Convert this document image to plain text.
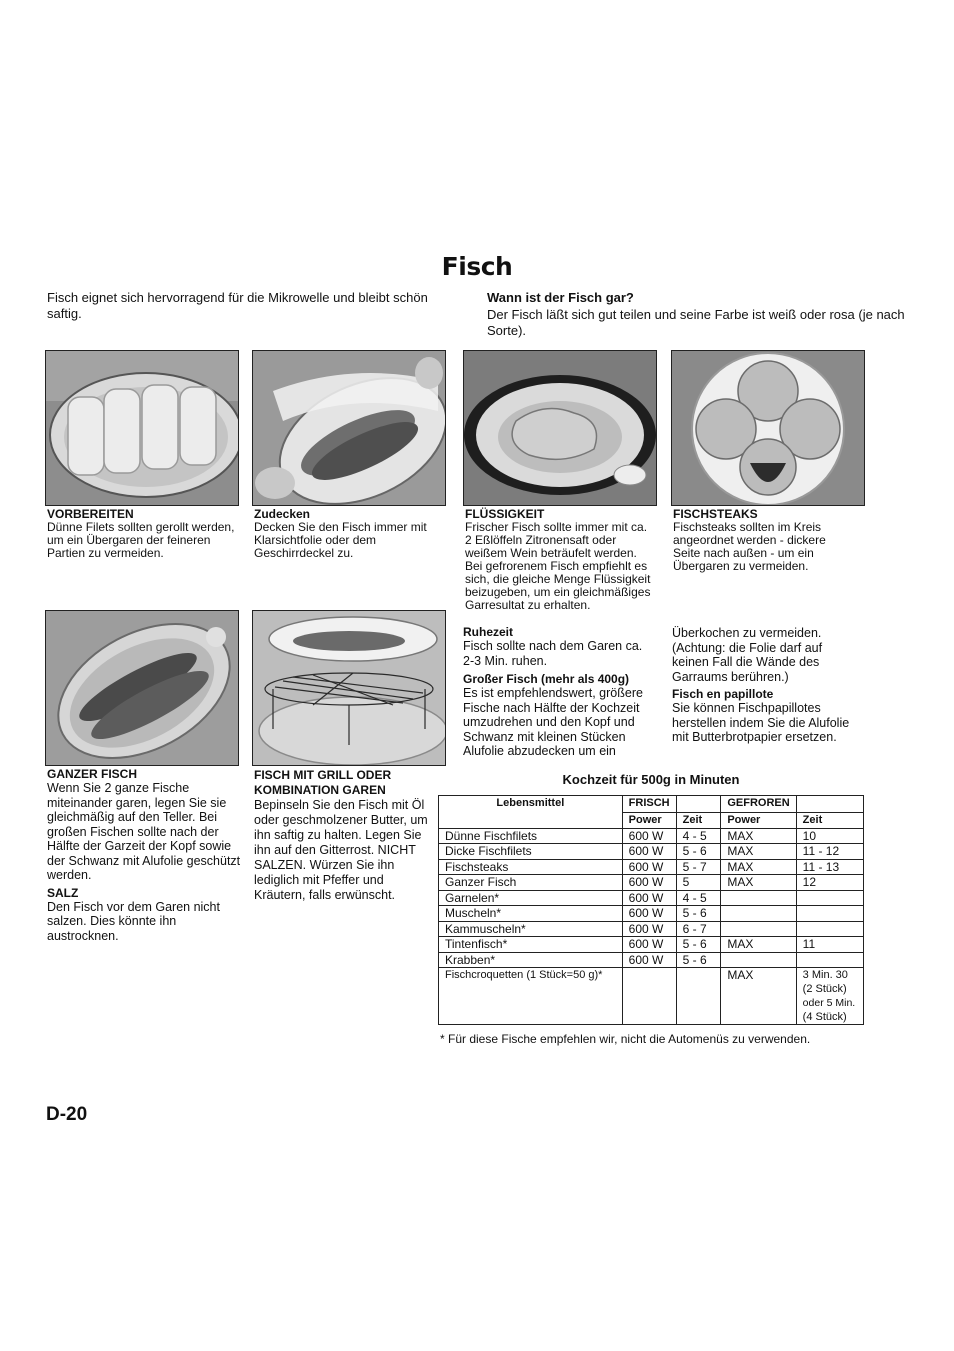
Fisch
Fisch eignet sich hervorragend für die Mikrowelle und bleibt schön saftig.
Wann ist der Fisch gar?
Der Fisch läßt sich gut teilen und seine Farbe ist weiß oder rosa (je nach Sorte).
VORBEREITEN
Dünne Filets sollten gerollt werden, um ein Übergaren der feineren Partien zu vermeiden.
Zudecken
Decken Sie den Fisch immer mit Klarsichtfolie oder dem Geschirrdeckel zu.
FLÜSSIGKEIT
Frischer Fisch sollte immer mit ca. 2 Eßlöffeln Zitronensaft oder weißem Wein beträufelt werden. Bei gefrorenem Fisch empfiehlt es sich, die gleiche Menge Flüssigkeit beizugeben, um ein gleichmäßiges Garresultat zu erhalten.
FISCHSTEAKS
Fischsteaks sollten im Kreis angeordnet werden - dickere Seite nach außen - um ein Übergaren zu vermeiden.
GANZER FISCH
Wenn Sie 2 ganze Fische miteinander garen, legen Sie sie gleichmäßig auf den Teller. Bei großen Fischen sollte nach der Hälfte der Garzeit der Kopf sowie der Schwanz mit Alufolie geschützt werden.
SALZ
Den Fisch vor dem Garen nicht salzen. Dies könnte ihn austrocknen.
FISCH MIT GRILL ODER KOMBINATION GAREN
Bepinseln Sie den Fisch mit Öl oder geschmolzener Butter, um ihn saftig zu halten. Legen Sie ihn auf den Gitterrost. NICHT SALZEN. Würzen Sie ihn lediglich mit Pfeffer und Kräutern, falls erwünscht.
Ruhezeit
Fisch sollte nach dem Garen ca. 2-3 Min. ruhen.
Großer Fisch (mehr als 400g)
Es ist empfehlendswert, größere Fische nach Hälfte der Kochzeit umzudrehen und den Kopf und Schwanz mit kleinen Stücken Alufolie abzudecken um ein
Überkochen zu vermeiden. (Achtung: die Folie darf auf keinen Fall die Wände des Garraums berühren.)
Fisch en papillote
Sie können Fischpapillotes herstellen indem Sie die Alufolie mit Butterbrotpapier ersetzen.
Kochzeit für 500g in Minuten
Lebensmittel	FRISCH		GEFROREN	
	Power	Zeit	Power	Zeit
Dünne Fischfilets	600 W	4 - 5	MAX	10
Dicke Fischfilets	600 W	5 - 6	MAX	11 - 12
Fischsteaks	600 W	5 - 7	MAX	11 - 13
Ganzer Fisch	600 W	5	MAX	12
Garnelen*	600 W	4 - 5		
Muscheln*	600 W	5 - 6		
Kammuscheln*	600 W	6 - 7		
Tintenfisch*	600 W	5 - 6	MAX	11
Krabben*	600 W	5 - 6		
Fischcroquetten (1 Stück=50 g)*			MAX	3 Min. 30
(2 Stück)
oder 5 Min.
(4 Stück)
* Für diese Fische empfehlen wir, nicht die Automenüs zu verwenden.
D-20
